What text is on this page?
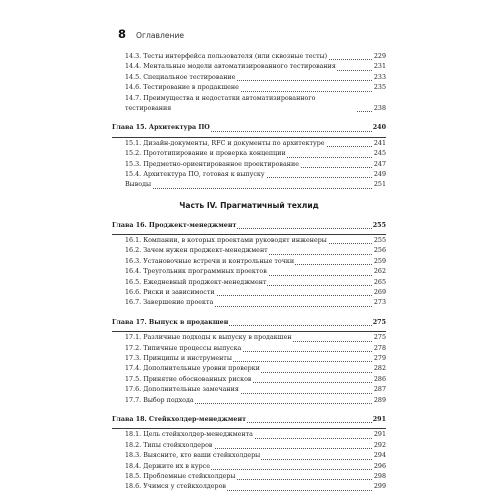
8 Оглавление
14.3. Тесты интерфейса пользователя (или сквозные тесты)	229
14.4. Ментальные модели автоматизированного тестирования	231
14.5. Специальное тестирование	233
14.6. Тестирование в продакшене	235
14.7. Преимущества и недостатки автоматизированного тестирования	238
Глава 15. Архитектура ПО	240
15.1. Дизайн-документы, RFC и документы по архитектуре	241
15.2. Прототипирование и проверка концепции	245
15.3. Предметно-ориентированное проектирование	247
15.4. Архитектура ПО, готовая к выпуску	249
Выводы	251
Часть IV. Прагматичный техлид
Глава 16. Проджект-менеджмент	255
16.1. Компании, в которых проектами руководят инженеры	255
16.2. Зачем нужен проджект-менеджмент	256
16.3. Установочные встречи и контрольные точки	259
16.4. Треугольник программных проектов	262
16.5. Ежедневный проджект-менеджмент	265
16.6. Риски и зависимости	269
16.7. Завершение проекта	273
Глава 17. Выпуск в продакшен	275
17.1. Различные подходы к выпуску в продакшен	275
17.2. Типичные процессы выпуска	278
17.3. Принципы и инструменты	279
17.4. Дополнительные уровни проверки	282
17.5. Принятие обоснованных рисков	286
17.6. Дополнительные замечания	287
17.7. Выбор подхода	289
Глава 18. Стейкхолдер-менеджмент	291
18.1. Цель стейкхолдер-менеджмента	291
18.2. Типы стейкхолдеров	292
18.3. Выясните, кто ваши стейкхолдеры	294
18.4. Держите их в курсе	296
18.5. Проблемные стейкхолдеры	298
18.6. Учимся у стейкхолдеров	299
